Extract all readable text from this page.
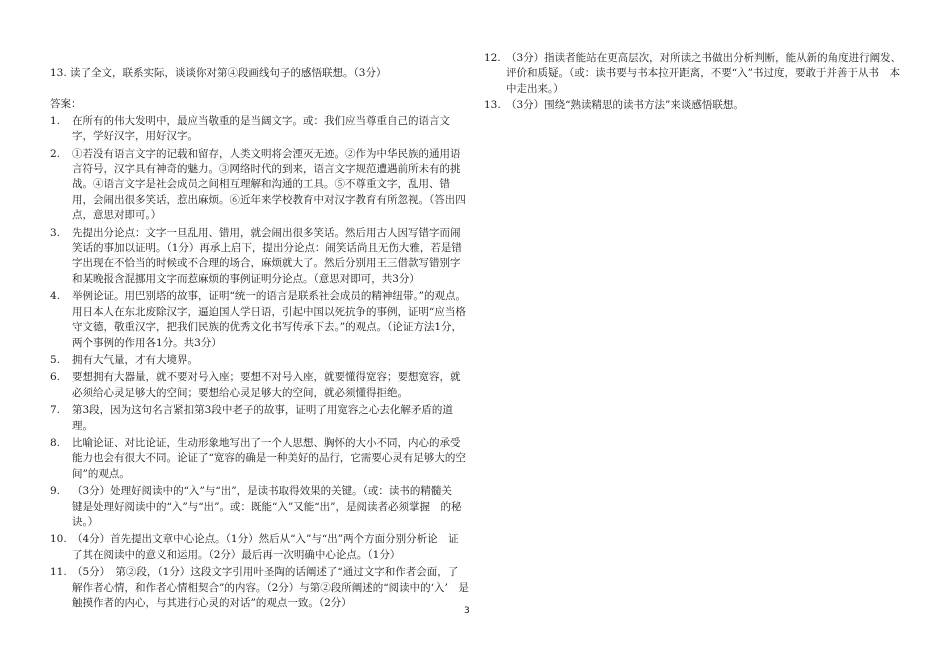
13. 读了全文，联系实际，谈谈你对第④段画线句子的感悟联想。（3分）
答案：
1.	在所有的伟大发明中，最应当敬重的是当阔文字。或：我们应当尊重自己的语言文字，学好汉字，用好汉字。
2.	①若没有语言文字的记载和留存，人类文明将会湮灭无迹。②作为中华民族的通用语言符号，汉字具有神奇的魅力。③网络时代的到来，语言文字规范遭遇前所未有的挑战。④语言文字是社会成员之间相互理解和沟通的工具。⑤不尊重文字，乱用、错用，会闹出很多笑话，惹出麻烦。⑥近年来学校教育中对汉字教育有所忽视。（答出四点，意思对即可。）
3.	先提出分论点：文字一旦乱用、错用，就会闹出很多笑话。然后用古人因写错字而闹笑话的事加以证明。（1分）再承上启下，提出分论点：闹笑话尚且无伤大雅，若是错字出现在不恰当的时候或不合理的场合，麻烦就大了。然后分别用王三借款写错别字和某晚报含混挪用文字而惹麻烦的事例证明分论点。（意思对即可，共3分）
4.	举例论证。用巴别塔的故事，证明“统一的语言是联系社会成员的精神纽带。”的观点。用日本人在东北废除汉字，逼迫国人学日语，引起中国以死抗争的事例，证明“应当格守文德，敬重汉字，把我们民族的优秀文化书写传承下去。”的观点。（论证方法1分，两个事例的作用各1分。共3分）
5.	拥有大气量，才有大境界。
6.	要想拥有大器量，就不要对号入座；要想不对号入座，就要懂得宽容；要想宽容，就必须给心灵足够大的空间；要想给心灵足够大的空间，就必须懂得拒绝。
7.	第3段，因为这句名言紧扣第3段中老子的故事，证明了用宽容之心去化解矛盾的道理。
8.	比喻论证、对比论证，生动形象地写出了一个人思想、胸怀的大小不同，内心的承受能力也会有很大不同。论证了“宽容的确是一种美好的品行，它需要心灵有足够大的空间”的观点。
9.	（3分）处理好阅读中的“入”与“出”，是读书取得效果的关键。（或：读书的精髓关　键是处理好阅读中的“入”与“出”。或：既能“入”又能“出”，是阅读者必须掌握　的秘诀。）
10. （4分）首先提出文章中心论点。（1分）然后从“入”与“出”两个方面分别分析论　证　了其在阅读中的意义和运用。（2分）最后再一次明确中心论点。（1分）
11. （5分）　第②段，（1分）这段文字引用叶圣陶的话阐述了“通过文字和作者会面，了　解作者心情，和作者心情相契合”的内容。（2分）与第②段所阐述的“阅读中的‘入’　是触摸作者的内心，与其进行心灵的对话”的观点一致。（2分）
12. （3分）指读者能站在更高层次，对所读之书做出分析判断，能从新的角度进行阐发、　评价和质疑。（或：读书要与书本拉开距离，不要“入”书过度，要敢于并善于从书　本中走出来。）
13. （3分）围绕“熟读精思的读书方法”来谈感悟联想。
3
